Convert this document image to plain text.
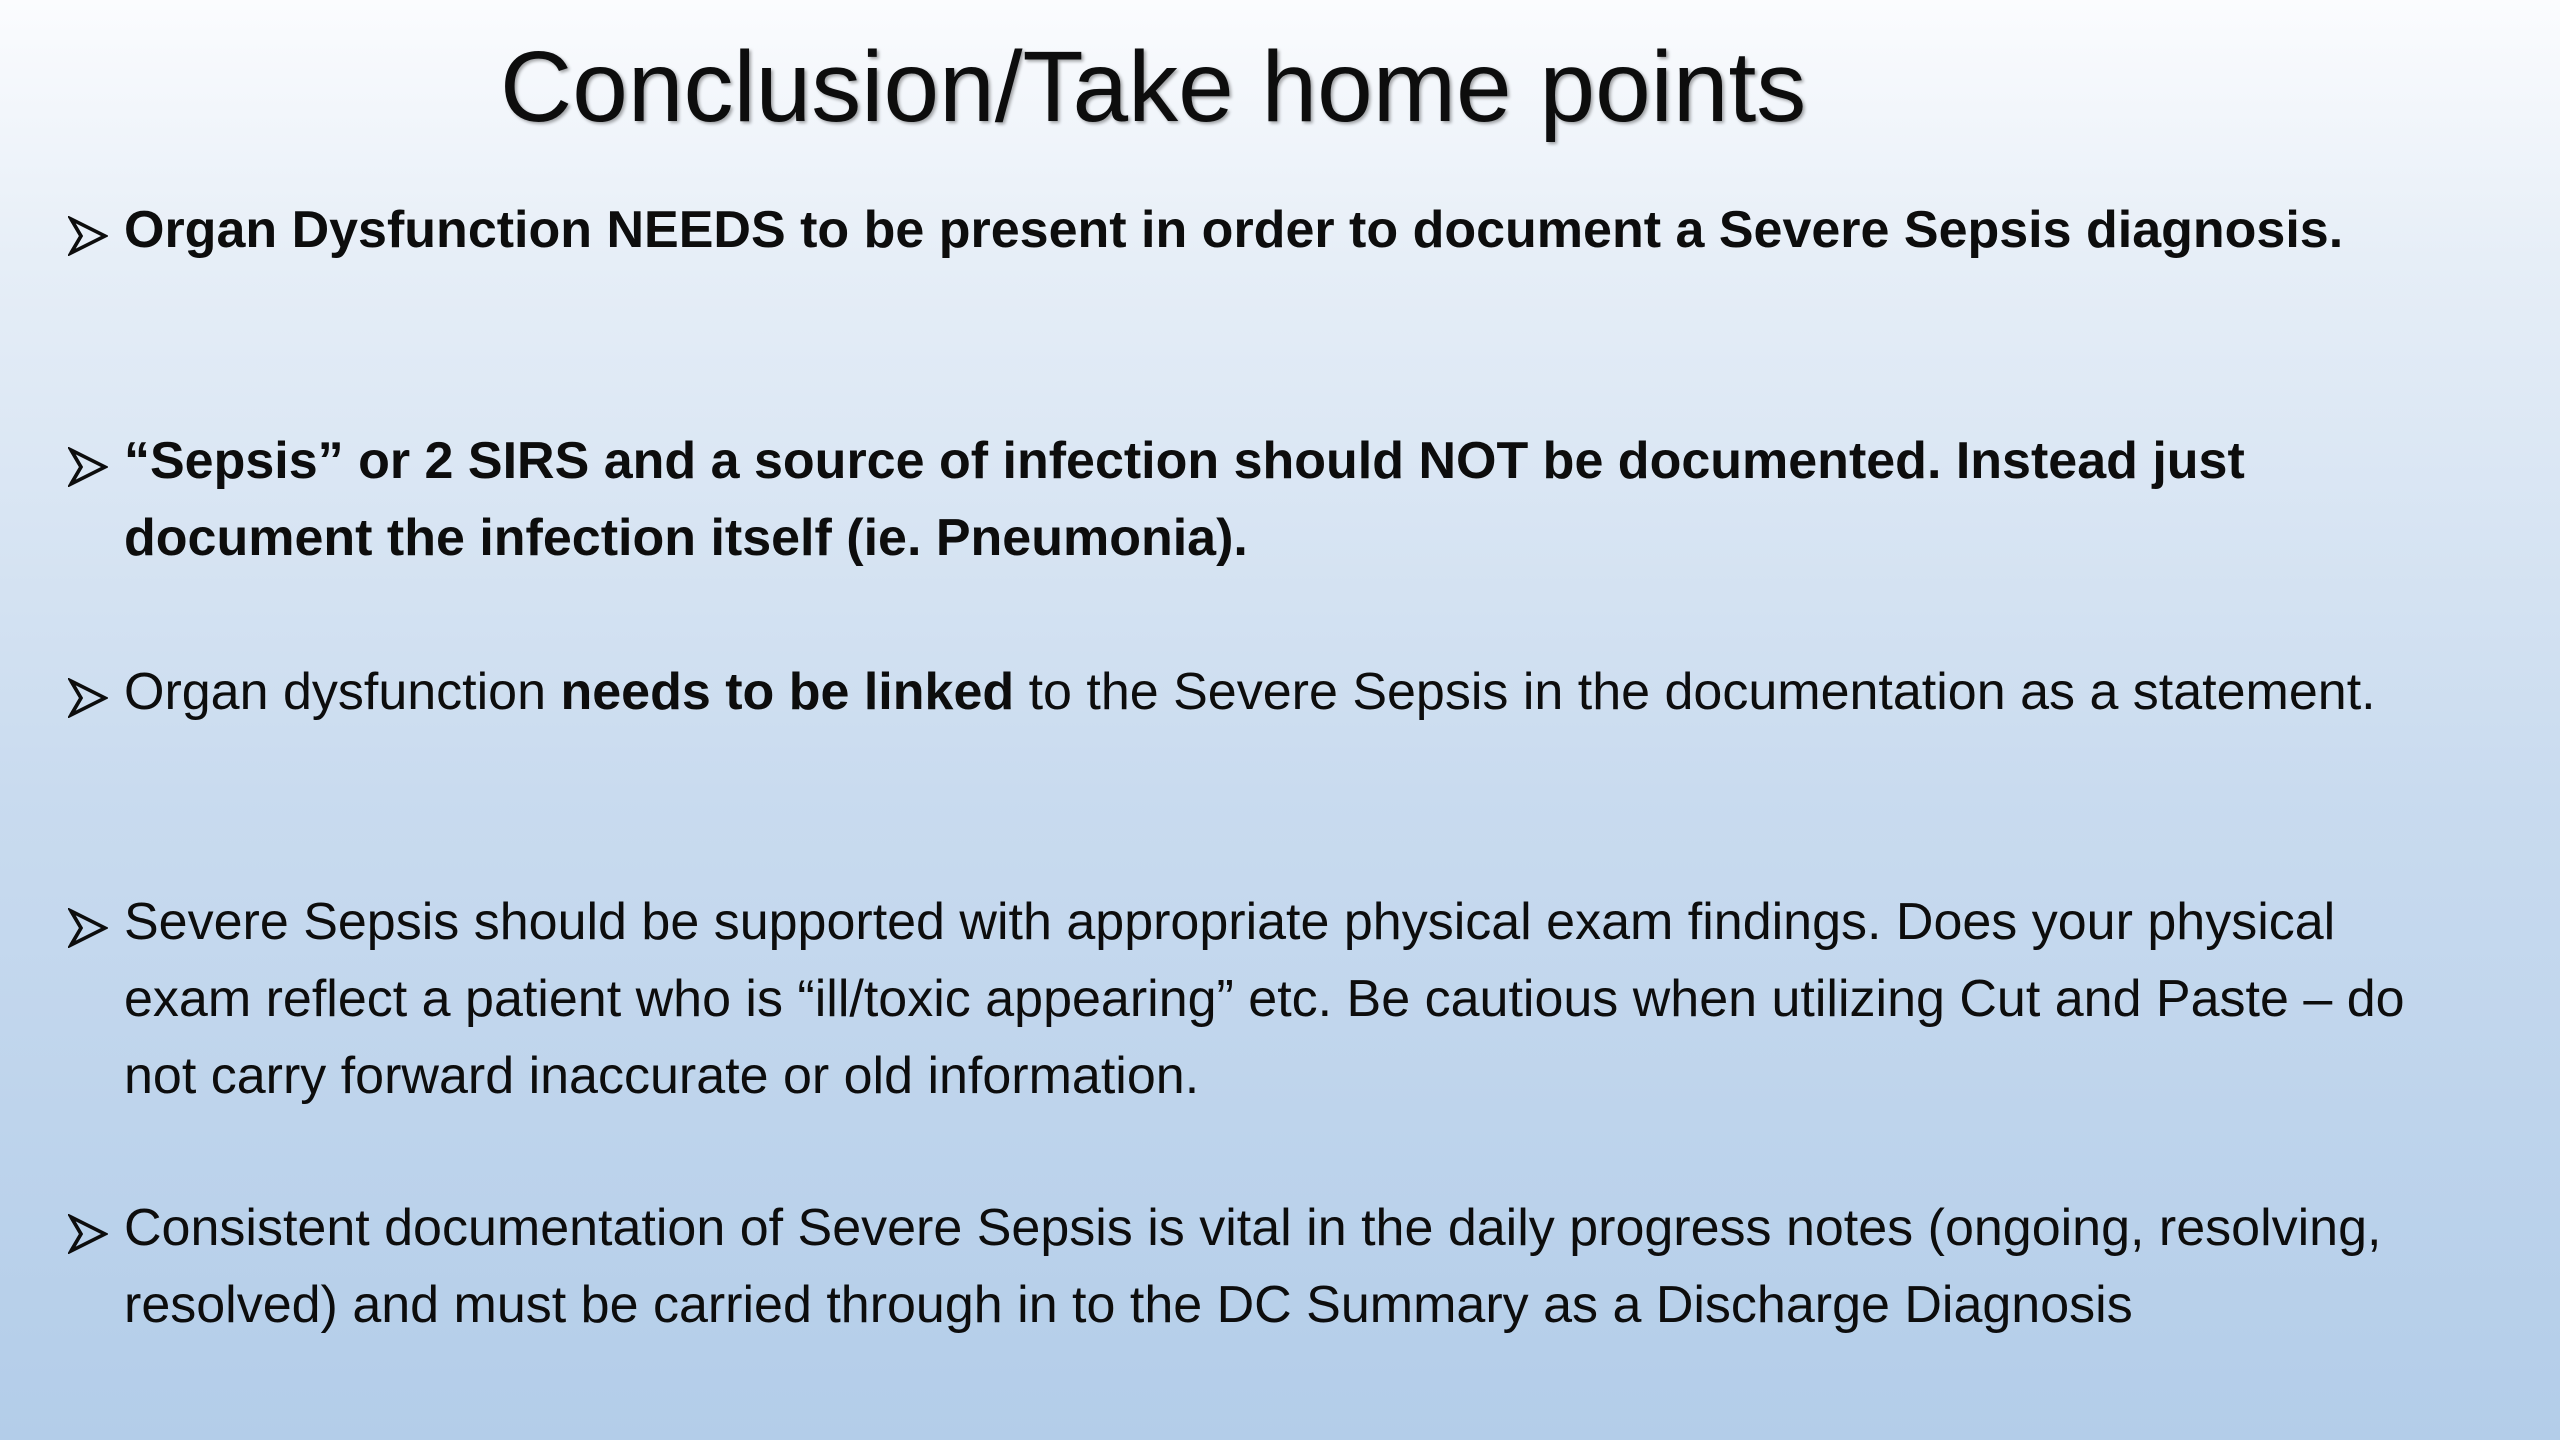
Conclusion/Take home points
Organ Dysfunction NEEDS to be present in order to document a Severe Sepsis diagnosis.
“Sepsis” or 2 SIRS and a source of infection should NOT be documented. Instead just document the infection itself (ie. Pneumonia).
Organ dysfunction needs to be linked to the Severe Sepsis in the documentation as a statement.
Severe Sepsis should be supported with appropriate physical exam findings. Does your physical exam reflect a patient who is “ill/toxic appearing” etc. Be cautious when utilizing Cut and Paste – do not carry forward inaccurate or old information.
Consistent documentation of Severe Sepsis is vital in the daily progress notes (ongoing, resolving, resolved) and must be carried through in to the DC Summary as a Discharge Diagnosis
